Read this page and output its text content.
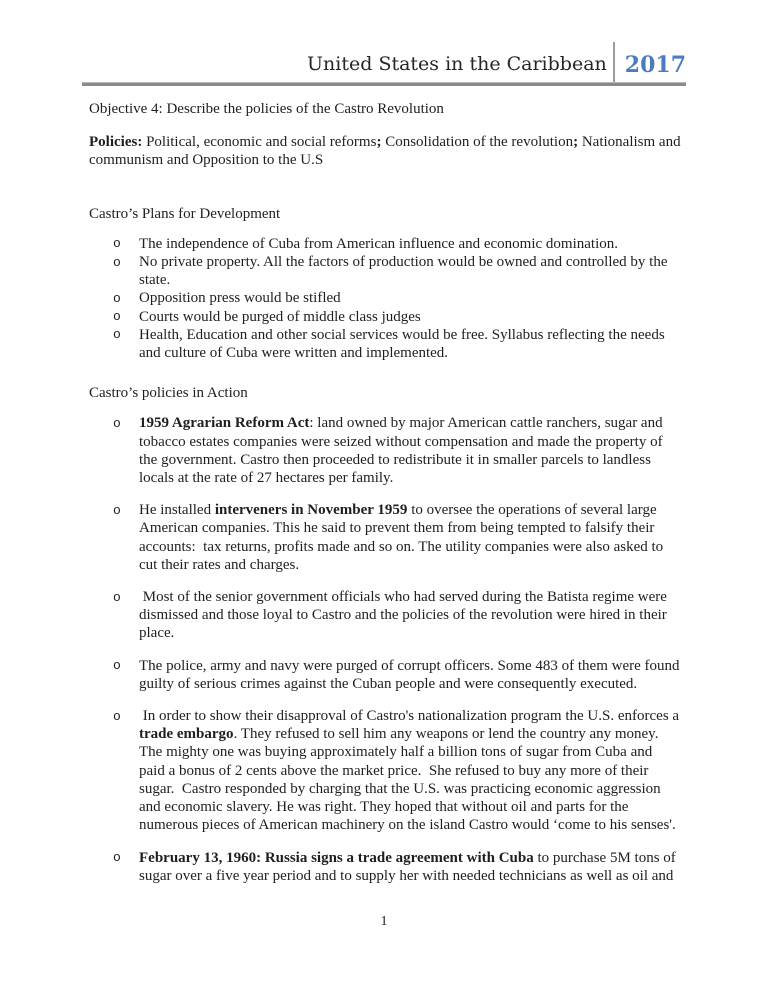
United States in the Caribbean 2017

Objective 4: Describe the policies of the Castro Revolution

Policies: Political, economic and social reforms; Consolidation of the revolution; Nationalism and communism and Opposition to the U.S

Castro’s Plans for Development
o The independence of Cuba from American influence and economic domination.
o No private property. All the factors of production would be owned and controlled by the state.
o Opposition press would be stifled
o Courts would be purged of middle class judges
o Health, Education and other social services would be free. Syllabus reflecting the needs and culture of Cuba were written and implemented.
Castro’s policies in Action
o 1959 Agrarian Reform Act: land owned by major American cattle ranchers, sugar and tobacco estates companies were seized without compensation and made the property of the government. Castro then proceeded to redistribute it in smaller parcels to landless locals at the rate of 27 hectares per family.
o He installed interveners in November 1959 to oversee the operations of several large American companies. This he said to prevent them from being tempted to falsify their accounts:  tax returns, profits made and so on. The utility companies were also asked to cut their rates and charges.
o Most of the senior government officials who had served during the Batista regime were dismissed and those loyal to Castro and the policies of the revolution were hired in their place.
o The police, army and navy were purged of corrupt officers. Some 483 of them were found guilty of serious crimes against the Cuban people and were consequently executed.
o In order to show their disapproval of Castro's nationalization program the U.S. enforces a trade embargo. They refused to sell him any weapons or lend the country any money. The mighty one was buying approximately half a billion tons of sugar from Cuba and paid a bonus of 2 cents above the market price.  She refused to buy any more of their sugar.  Castro responded by charging that the U.S. was practicing economic aggression and economic slavery. He was right. They hoped that without oil and parts for the numerous pieces of American machinery on the island Castro would ‘come to his senses'.
o February 13, 1960: Russia signs a trade agreement with Cuba to purchase 5M tons of sugar over a five year period and to supply her with needed technicians as well as oil and
1
